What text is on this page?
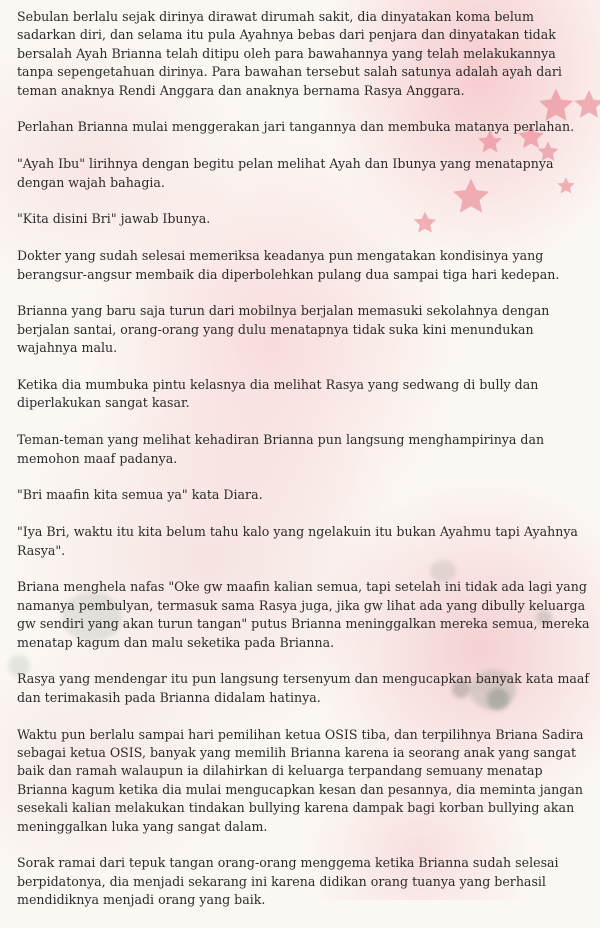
Sebulan berlalu sejak dirinya dirawat dirumah sakit, dia dinyatakan koma belum sadarkan diri, dan selama itu pula Ayahnya bebas dari penjara dan dinyatakan tidak bersalah Ayah Brianna telah ditipu oleh para bawahannya yang telah melakukannya tanpa sepengetahuan dirinya. Para bawahan tersebut salah satunya adalah ayah dari teman anaknya Rendi Anggara dan anaknya bernama Rasya Anggara.

Perlahan Brianna mulai menggerakan jari tangannya dan membuka matanya perlahan.

"Ayah Ibu" lirihnya dengan begitu pelan melihat Ayah dan Ibunya yang menatapnya dengan wajah bahagia.

"Kita disini Bri" jawab Ibunya.

Dokter yang sudah selesai memeriksa keadanya pun mengatakan kondisinya yang berangsur-angsur membaik dia diperbolehkan pulang dua sampai tiga hari kedepan.

Brianna yang baru saja turun dari mobilnya berjalan memasuki sekolahnya dengan berjalan santai, orang-orang yang dulu menatapnya tidak suka kini menundukan wajahnya malu.

Ketika dia mumbuka pintu kelasnya dia melihat Rasya yang sedwang di bully dan diperlakukan sangat kasar.

Teman-teman yang melihat kehadiran Brianna pun langsung menghampirinya dan memohon maaf padanya.

"Bri maafin kita semua ya" kata Diara.

"Iya Bri, waktu itu kita belum tahu kalo yang ngelakuin itu bukan Ayahmu tapi Ayahnya Rasya".

Briana menghela nafas "Oke gw maafin kalian semua, tapi setelah ini tidak ada lagi yang namanya pembulyan, termasuk sama Rasya juga, jika gw lihat ada yang dibully keluarga gw sendiri yang akan turun tangan" putus Brianna meninggalkan mereka semua, mereka menatap kagum dan malu seketika pada Brianna.

Rasya yang mendengar itu pun langsung tersenyum dan mengucapkan banyak kata maaf dan terimakasih pada Brianna didalam hatinya.

Waktu pun berlalu sampai hari pemilihan ketua OSIS tiba, dan terpilihnya Briana Sadira sebagai ketua OSIS, banyak yang memilih Brianna karena ia seorang anak yang sangat baik dan ramah walaupun ia dilahirkan di keluarga terpandang semuany menatap Brianna kagum ketika dia mulai mengucapkan kesan dan pesannya, dia meminta jangan sesekali kalian melakukan tindakan bullying karena dampak bagi korban bullying akan meninggalkan luka yang sangat dalam.

Sorak ramai dari tepuk tangan orang-orang menggema ketika Brianna sudah selesai berpidatonya, dia menjadi sekarang ini karena didikan orang tuanya yang berhasil mendidiknya menjadi orang yang baik.
